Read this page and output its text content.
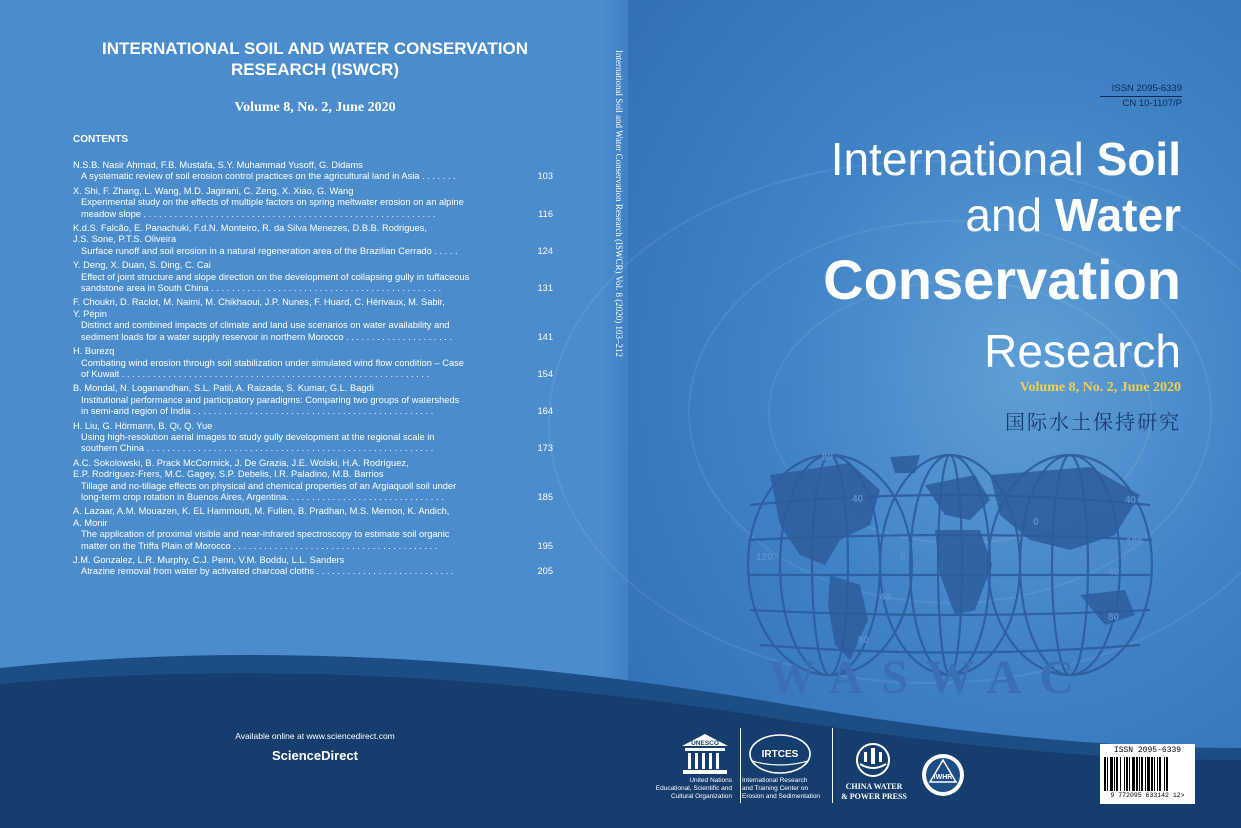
INTERNATIONAL SOIL AND WATER CONSERVATION
RESEARCH (ISWCR)
Volume 8, No. 2, June 2020
CONTENTS
N.S.B. Nasir Ahmad, F.B. Mustafa, S.Y. Muhammad Yusoff, G. Didams
A systematic review of soil erosion control practices on the agricultural land in Asia . . . . . . .	103
X. Shi, F. Zhang, L. Wang, M.D. Jagirani, C. Zeng, X. Xiao, G. Wang
Experimental study on the effects of multiple factors on spring meltwater erosion on an alpine
meadow slope . . . . . . . . . . . . . . . . . . . . . . . . . . . . . . . . . . . . . . . . . . . . . . . . . . . . . . . . .	116
K.d.S. Falcão, E. Panachuki, F.d.N. Monteiro, R. da Silva Menezes, D.B.B. Rodrigues,
J.S. Sone, P.T.S. Oliveira
Surface runoff and soil erosion in a natural regeneration area of the Brazilian Cerrado . . . . .	124
Y. Deng, X. Duan, S. Ding, C. Cai
Effect of joint structure and slope direction on the development of collapsing gully in tuffaceous
sandstone area in South China . . . . . . . . . . . . . . . . . . . . . . . . . . . . . . . . . . . . . . . . . . . . .	131
F. Choukri, D. Raclot, M. Naimi, M. Chikhaoui, J.P. Nunes, F. Huard, C. Hérivaux, M. Sabir,
Y. Pépin
Distinct and combined impacts of climate and land use scenarios on water availability and
sediment loads for a water supply reservoir in northern Morocco . . . . . . . . . . . . . . . . . . . . .	141
H. Burezq
Combating wind erosion through soil stabilization under simulated wind flow condition – Case
of Kuwait . . . . . . . . . . . . . . . . . . . . . . . . . . . . . . . . . . . . . . . . . . . . . . . . . . . . . . . . . . . .	154
B. Mondal, N. Loganandhan, S.L. Patil, A. Raizada, S. Kumar, G.L. Bagdi
Institutional performance and participatory paradigms: Comparing two groups of watersheds
in semi-arid region of India . . . . . . . . . . . . . . . . . . . . . . . . . . . . . . . . . . . . . . . . . . . . . . .	164
H. Liu, G. Hörmann, B. Qi, Q. Yue
Using high-resolution aerial images to study gully development at the regional scale in
southern China . . . . . . . . . . . . . . . . . . . . . . . . . . . . . . . . . . . . . . . . . . . . . . . . . . . . . . . .	173
A.C. Sokolowski, B. Prack McCormick, J. De Grazia, J.E. Wolski, H.A. Rodríguez,
E.P. Rodríguez-Frers, M.C. Gagey, S.P. Debelis, I.R. Paladino, M.B. Barrios
Tillage and no-tillage effects on physical and chemical properties of an Argiaquoll soil under
long-term crop rotation in Buenos Aires, Argentina. . . . . . . . . . . . . . . . . . . . . . . . . . . . . . .	185
A. Lazaar, A.M. Mouazen, K. EL Hammouti, M. Fullen, B. Pradhan, M.S. Memon, K. Andich,
A. Monir
The application of proximal visible and near-infrared spectroscopy to estimate soil organic
matter on the Triffa Plain of Morocco . . . . . . . . . . . . . . . . . . . . . . . . . . . . . . . . . . . . . . . .	195
J.M. Gonzalez, L.R. Murphy, C.J. Penn, V.M. Boddu, L.L. Sanders
Atrazine removal from water by activated charcoal cloths . . . . . . . . . . . . . . . . . . . . . . . . . . .	205
International Soil and Water Conservation Research (ISWCR) Vol. 8 (2020) 103–212	ISSN 2095-6339
CN 10-1107/P
International Soil
and Water
Conservation
Research
Volume 8, No. 2, June 2020
国际水土保持研究
80
40
0
40
80
120
0
40
80	180
40
80
WASWAC
Available online at www.sciencedirect.com
ScienceDirect
UNESCO
United Nations
Educational, Scientific and
Cultural Organization
IRTCES
International Research
and Training Center on
Erosion and Sedimentation
CHINA WATER
& POWER PRESS
IWHR
ISSN 2095-6339
9 772095 633142 12>
